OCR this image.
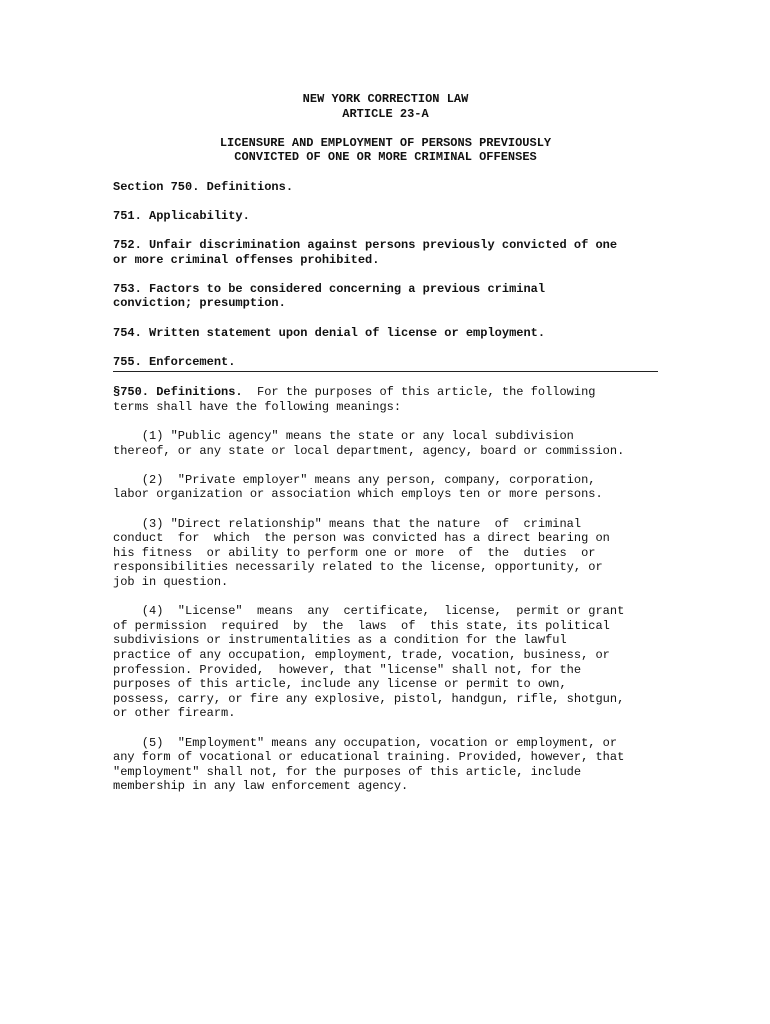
NEW YORK CORRECTION LAW
ARTICLE 23-A

LICENSURE AND EMPLOYMENT OF PERSONS PREVIOUSLY
CONVICTED OF ONE OR MORE CRIMINAL OFFENSES

Section 750. Definitions.

751. Applicability.

752. Unfair discrimination against persons previously convicted of one
or more criminal offenses prohibited.

753. Factors to be considered concerning a previous criminal
conviction; presumption.

754. Written statement upon denial of license or employment.

755. Enforcement.

§750. Definitions.  For the purposes of this article, the following
terms shall have the following meanings:

(1) "Public agency" means the state or any local subdivision
thereof, or any state or local department, agency, board or commission.

(2)  "Private employer" means any person, company, corporation,
labor organization or association which employs ten or more persons.

(3) "Direct relationship" means that the nature  of  criminal
conduct  for  which  the person was convicted has a direct bearing on
his fitness  or ability to perform one or more  of  the  duties  or
responsibilities necessarily related to the license, opportunity, or
job in question.

(4)  "License"  means  any  certificate,  license,  permit or grant
of permission  required  by  the  laws  of  this state, its political
subdivisions or instrumentalities as a condition for the lawful
practice of any occupation, employment, trade, vocation, business, or
profession. Provided,  however, that "license" shall not, for the
purposes of this article, include any license or permit to own,
possess, carry, or fire any explosive, pistol, handgun, rifle, shotgun,
or other firearm.

(5)  "Employment" means any occupation, vocation or employment, or
any form of vocational or educational training. Provided, however, that
"employment" shall not, for the purposes of this article, include
membership in any law enforcement agency.
